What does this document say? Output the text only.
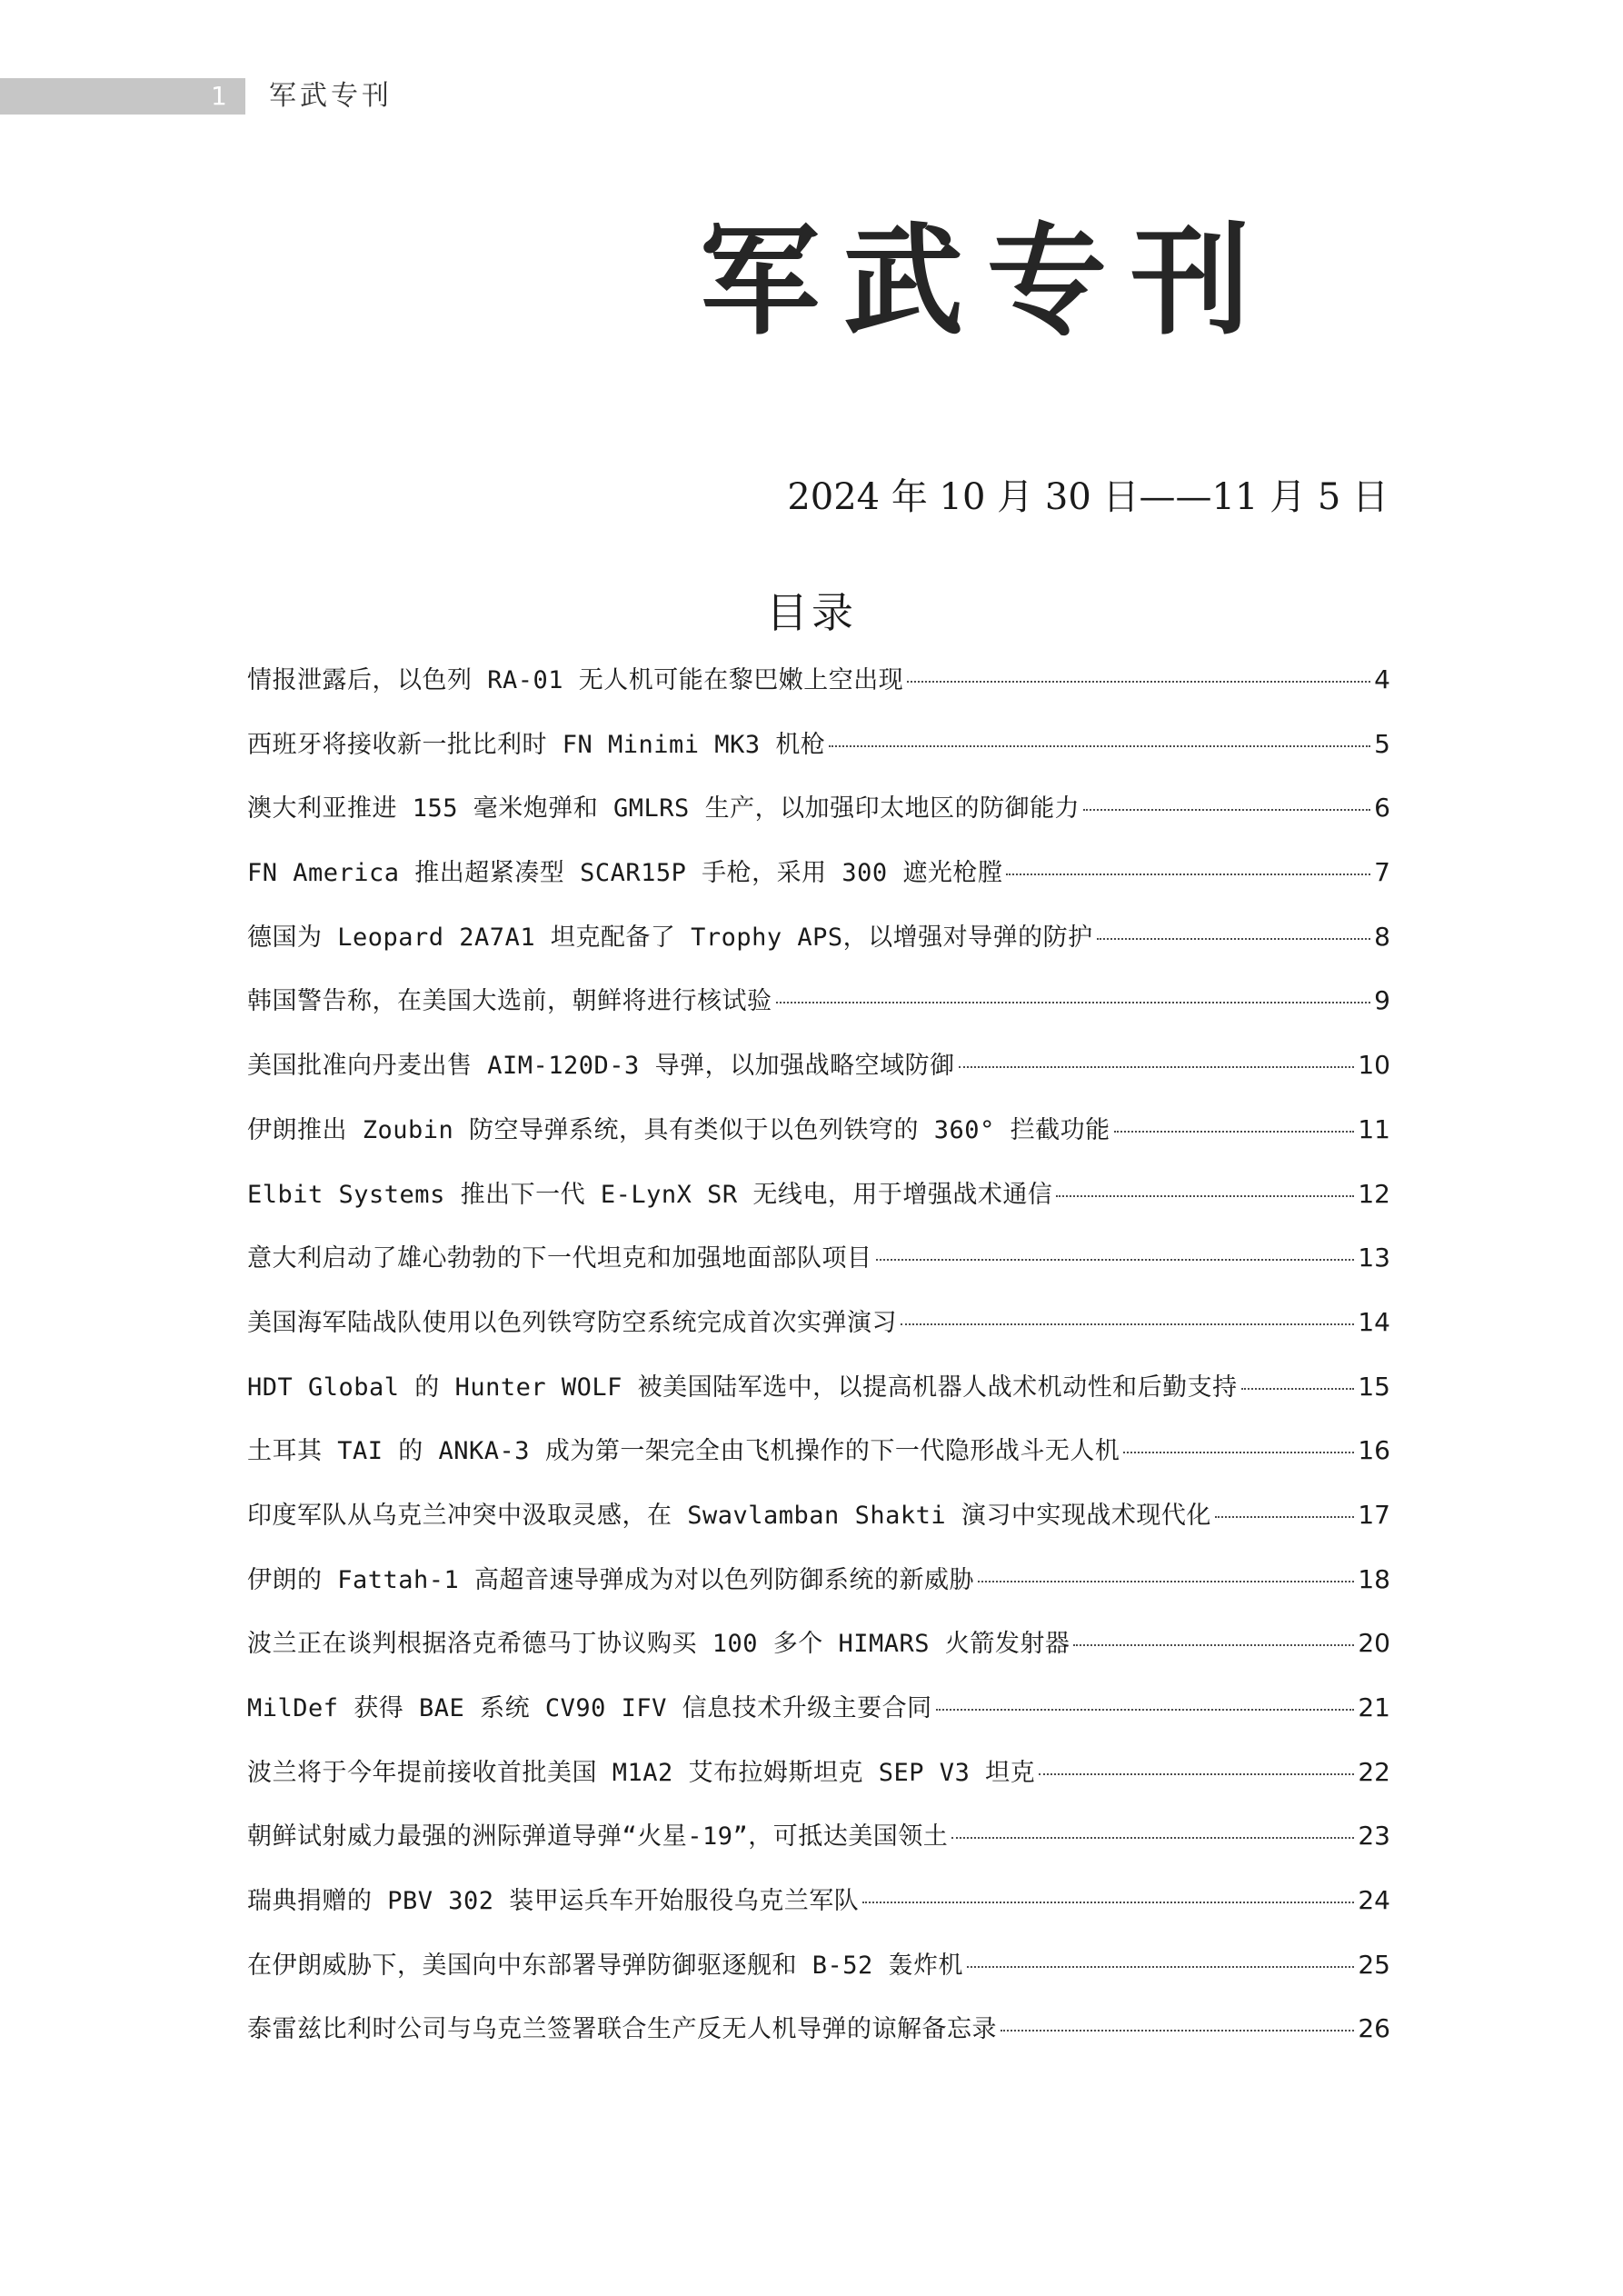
1 军武专刊
军武专刊
2024 年 10 月 30 日——11 月 5 日
目录
情报泄露后，以色列 RA-01 无人机可能在黎巴嫩上空出现	4
西班牙将接收新一批比利时 FN Minimi MK3 机枪	5
澳大利亚推进 155 毫米炮弹和 GMLRS 生产，以加强印太地区的防御能力	6
FN America 推出超紧凑型 SCAR15P 手枪，采用 300 遮光枪膛	7
德国为 Leopard 2A7A1 坦克配备了 Trophy APS，以增强对导弹的防护	8
韩国警告称，在美国大选前，朝鲜将进行核试验	9
美国批准向丹麦出售 AIM-120D-3 导弹，以加强战略空域防御	10
伊朗推出 Zoubin 防空导弹系统，具有类似于以色列铁穹的 360° 拦截功能	11
Elbit Systems 推出下一代 E-LynX SR 无线电，用于增强战术通信	12
意大利启动了雄心勃勃的下一代坦克和加强地面部队项目	13
美国海军陆战队使用以色列铁穹防空系统完成首次实弹演习	14
HDT Global 的 Hunter WOLF 被美国陆军选中，以提高机器人战术机动性和后勤支持	15
土耳其 TAI 的 ANKA-3 成为第一架完全由飞机操作的下一代隐形战斗无人机	16
印度军队从乌克兰冲突中汲取灵感，在 Swavlamban Shakti 演习中实现战术现代化	17
伊朗的 Fattah-1 高超音速导弹成为对以色列防御系统的新威胁	18
波兰正在谈判根据洛克希德马丁协议购买 100 多个 HIMARS 火箭发射器	20
MilDef 获得 BAE 系统 CV90 IFV 信息技术升级主要合同	21
波兰将于今年提前接收首批美国 M1A2 艾布拉姆斯坦克 SEP V3 坦克	22
朝鲜试射威力最强的洲际弹道导弹“火星-19”，可抵达美国领土	23
瑞典捐赠的 PBV 302 装甲运兵车开始服役乌克兰军队	24
在伊朗威胁下，美国向中东部署导弹防御驱逐舰和 B-52 轰炸机	25
泰雷兹比利时公司与乌克兰签署联合生产反无人机导弹的谅解备忘录	26
